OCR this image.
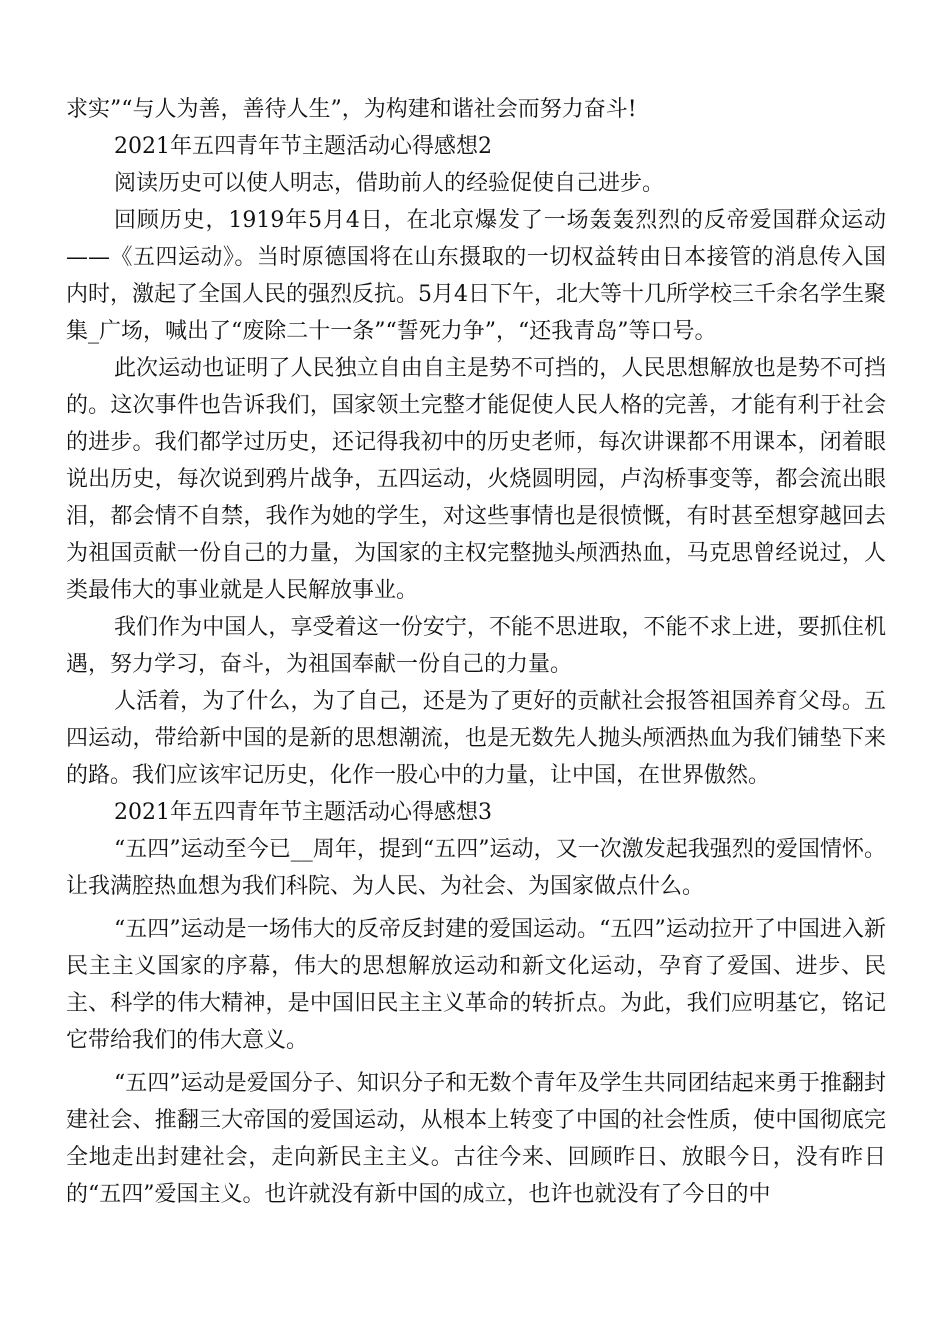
求实”“与人为善，善待人生”，为构建和谐社会而努力奋斗!

2021年五四青年节主题活动心得感想2

阅读历史可以使人明志，借助前人的经验促使自己进步。

回顾历史，1919年5月4日，在北京爆发了一场轰轰烈烈的反帝爱国群众运动——《五四运动》。当时原德国将在山东摄取的一切权益转由日本接管的消息传入国内时，激起了全国人民的强烈反抗。5月4日下午，北大等十几所学校三千余名学生聚集_广场，喊出了“废除二十一条”“誓死力争”，“还我青岛”等口号。

此次运动也证明了人民独立自由自主是势不可挡的，人民思想解放也是势不可挡的。这次事件也告诉我们，国家领土完整才能促使人民人格的完善，才能有利于社会的进步。我们都学过历史，还记得我初中的历史老师，每次讲课都不用课本，闭着眼说出历史，每次说到鸦片战争，五四运动，火烧圆明园，卢沟桥事变等，都会流出眼泪，都会情不自禁，我作为她的学生，对这些事情也是很愤慨，有时甚至想穿越回去为祖国贡献一份自己的力量，为国家的主权完整抛头颅洒热血，马克思曾经说过，人类最伟大的事业就是人民解放事业。

我们作为中国人，享受着这一份安宁，不能不思进取，不能不求上进，要抓住机遇，努力学习，奋斗，为祖国奉献一份自己的力量。

人活着，为了什么，为了自己，还是为了更好的贡献社会报答祖国养育父母。五四运动，带给新中国的是新的思想潮流，也是无数先人抛头颅洒热血为我们铺垫下来的路。我们应该牢记历史，化作一股心中的力量，让中国，在世界傲然。

2021年五四青年节主题活动心得感想3

“五四”运动至今已__周年，提到“五四”运动，又一次激发起我强烈的爱国情怀。让我满腔热血想为我们科院、为人民、为社会、为国家做点什么。

“五四”运动是一场伟大的反帝反封建的爱国运动。“五四”运动拉开了中国进入新民主主义国家的序幕，伟大的思想解放运动和新文化运动，孕育了爱国、进步、民主、科学的伟大精神，是中国旧民主主义革命的转折点。为此，我们应明基它，铭记它带给我们的伟大意义。

“五四”运动是爱国分子、知识分子和无数个青年及学生共同团结起来勇于推翻封建社会、推翻三大帝国的爱国运动，从根本上转变了中国的社会性质，使中国彻底完全地走出封建社会，走向新民主主义。古往今来、回顾昨日、放眼今日，没有昨日的“五四”爱国主义。也许就没有新中国的成立，也许也就没有了今日的中
